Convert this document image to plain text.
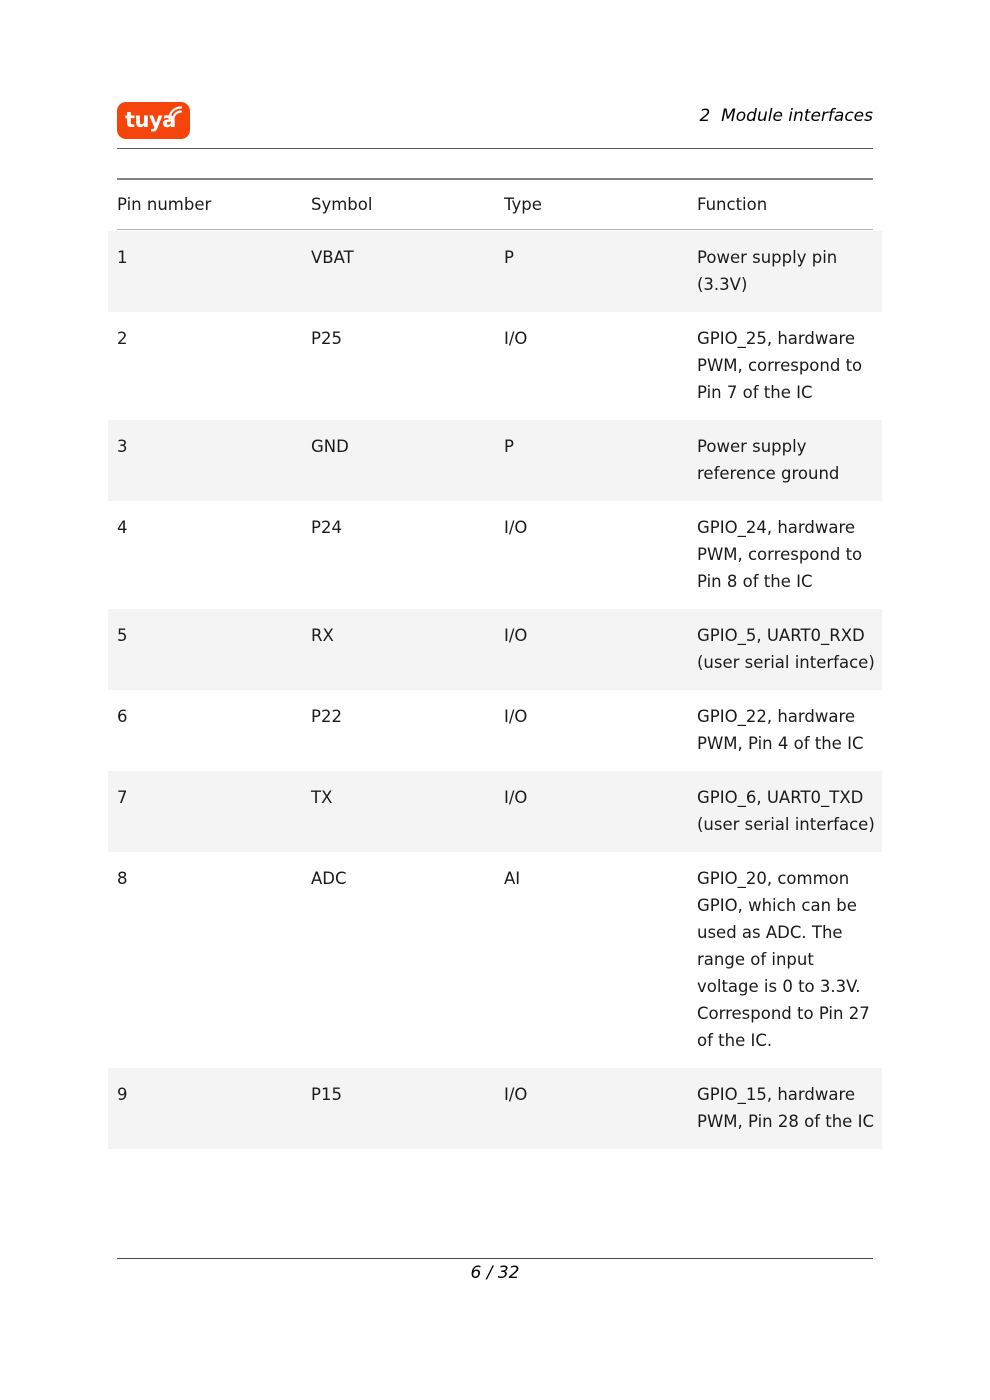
tuya	2  Module interfaces
Pin number	Symbol	Type	Function
1	VBAT	P	Power supply pin (3.3V)
2	P25	I/O	GPIO_25, hardware PWM, correspond to Pin 7 of the IC
3	GND	P	Power supply reference ground
4	P24	I/O	GPIO_24, hardware PWM, correspond to Pin 8 of the IC
5	RX	I/O	GPIO_5, UART0_RXD (user serial interface)
6	P22	I/O	GPIO_22, hardware PWM, Pin 4 of the IC
7	TX	I/O	GPIO_6, UART0_TXD (user serial interface)
8	ADC	AI	GPIO_20, common GPIO, which can be used as ADC. The range of input voltage is 0 to 3.3V. Correspond to Pin 27 of the IC.
9	P15	I/O	GPIO_15, hardware PWM, Pin 28 of the IC
6 / 32
